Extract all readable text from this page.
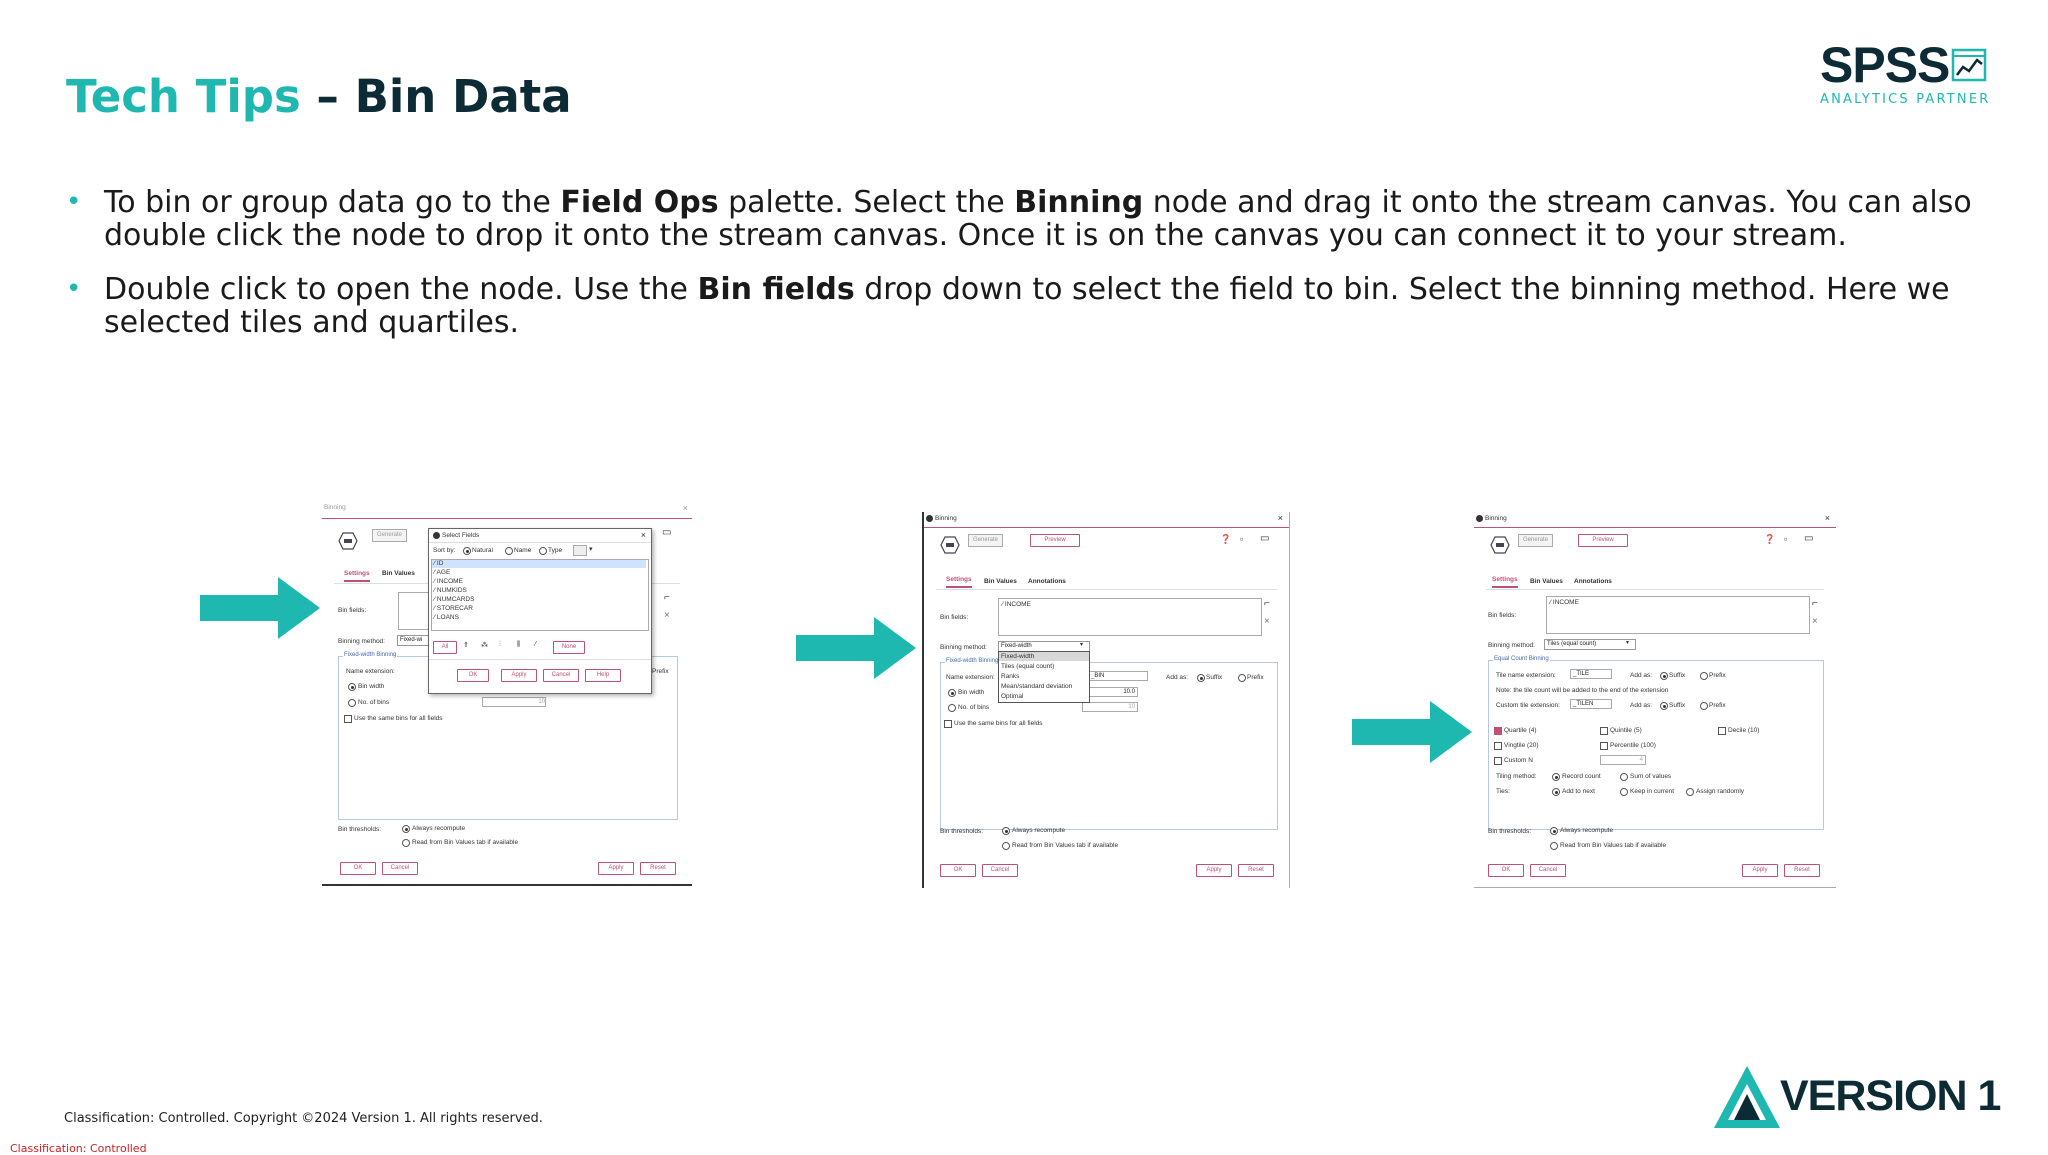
Tech Tips – Bin Data
SPSS
ANALYTICS PARTNER
• To bin or group data go to the Field Ops palette. Select the Binning node and drag it onto the stream canvas. You can also double click the node to drop it onto the stream canvas. Once it is on the canvas you can connect it to your stream.
• Double click to open the node. Use the Bin fields drop down to select the field to bin. Select the binning method. Here we selected tiles and quartiles.
Binning	×
Generate	▭
Settings Bin Values
Bin fields:
Binning method:	Fixed-wi
Fixed-width Binning
Name extension:	Prefix
Bin width
No. of bins	10
Use the same bins for all fields
Bin thresholds:	Always recompute
Read from Bin Values tab if available
OK	Cancel	Apply	Reset
⌐
×
Select Fields	×
Sort by:	Natural	Name	Type	▾
⁄ ID
⁄ AGE
⁄ INCOME
⁄ NUMKIDS
⁄ NUMCARDS
⁄ STORECAR
⁄ LOANS
All	⇑ ⁂ ⫶ ⫼ ⁄	None
OK	Apply	Cancel	Help
Binning	×
Generate	Preview	❓ ▫ ▭
Settings Bin Values Annotations
Bin fields:
⁄ INCOME	⌐
×
Binning method:	Fixed-width	▾
Fixed-width Binning
Name extension:	_BIN	Add as:	Suffix	Prefix
Bin width	10.0
No. of bins	10
Use the same bins for all fields
Fixed-width
Tiles (equal count)
Ranks
Mean/standard deviation
Optimal
Bin thresholds:	Always recompute
Read from Bin Values tab if available
OK	Cancel	Apply	Reset
Binning	×
Generate	Preview	❓ ▫ ▭
Settings Bin Values Annotations
Bin fields:
⁄ INCOME	⌐
×
Binning method:	Tiles (equal count)	▾
Equal Count Binning
Tile name extension:	_TILE	Add as:	Suffix	Prefix
Note: the tile count will be added to the end of the extension
Custom tile extension:	_TILEN	Add as:	Suffix	Prefix
Quartile (4)	Quintile (5)	Decile (10)
Vingtile (20)	Percentile (100)
Custom N	4
Tiling method:	Record count	Sum of values
Ties:	Add to next	Keep in current	Assign randomly
Bin thresholds:	Always recompute
Read from Bin Values tab if available
OK	Cancel	Apply	Reset
Classification: Controlled. Copyright ©2024 Version 1. All rights reserved.
Classification: Controlled
VERSION 1
